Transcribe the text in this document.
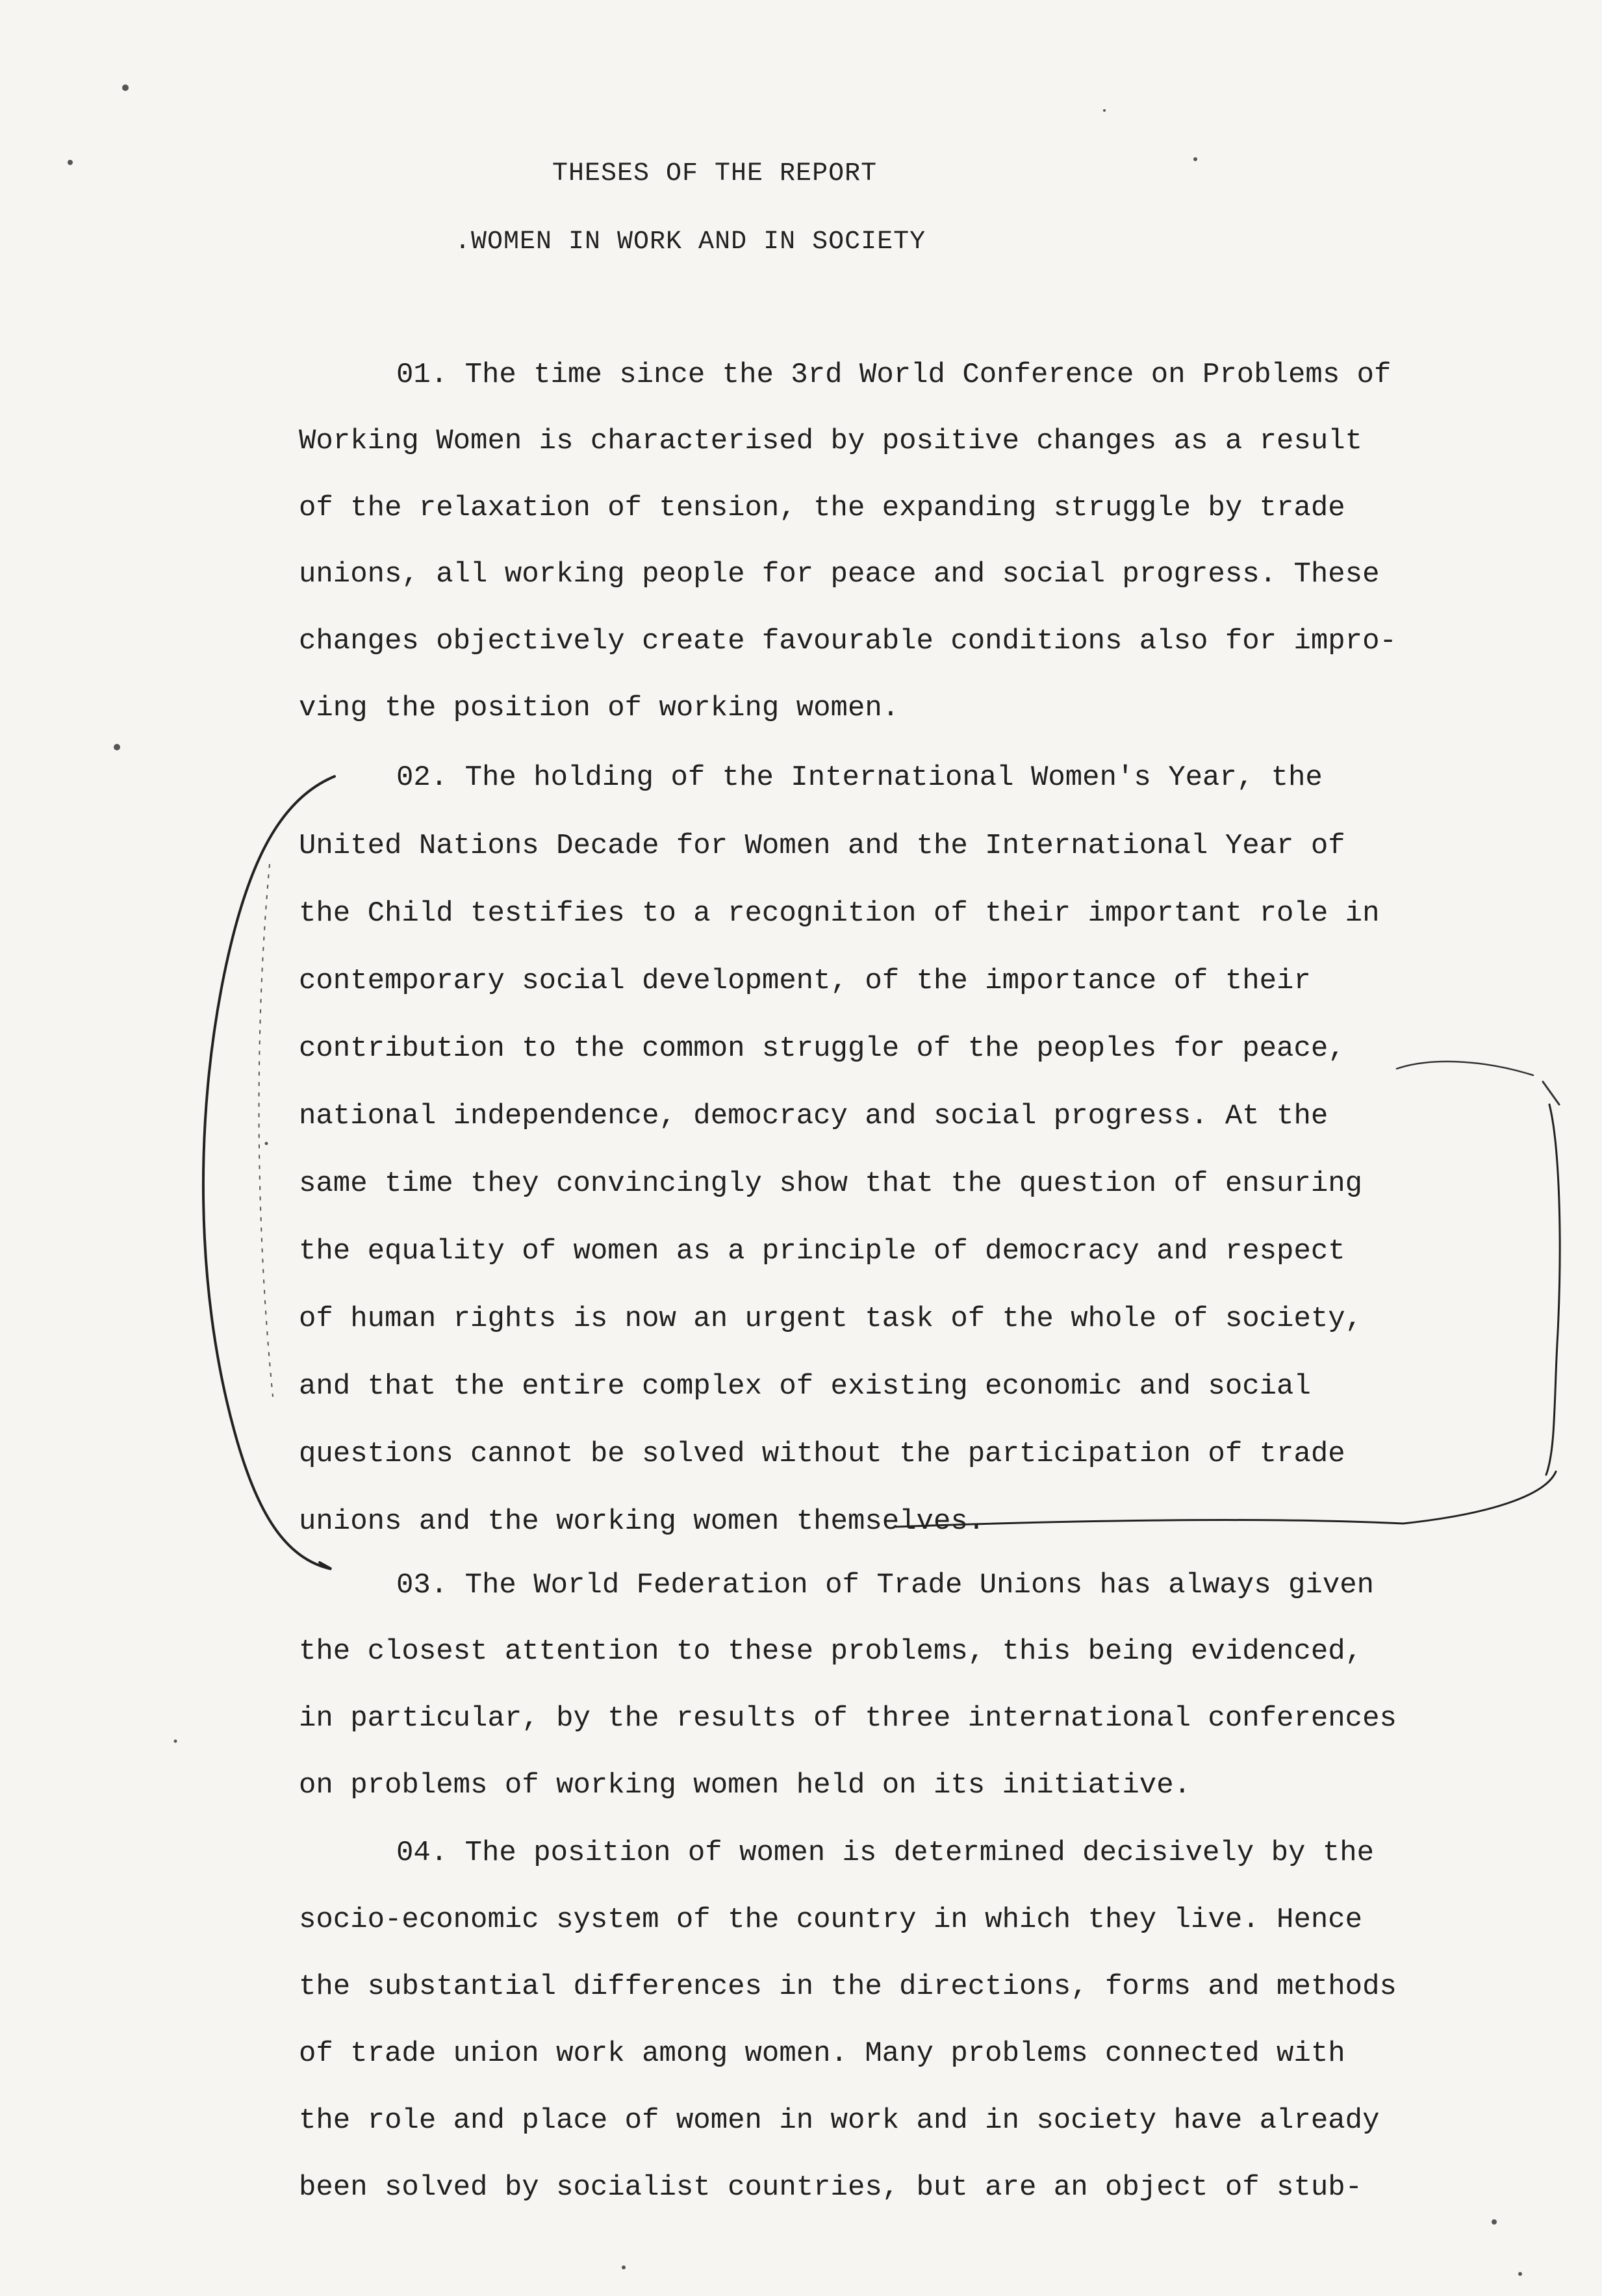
THESES OF THE REPORT
.WOMEN IN WORK AND IN SOCIETY
01. The time since the 3rd World Conference on Problems of
Working Women is characterised by positive changes as a result
of the relaxation of tension, the expanding struggle by trade
unions, all working people for peace and social progress. These
changes objectively create favourable conditions also for impro-
ving the position of working women.
02. The holding of the International Women's Year, the
United Nations Decade for Women and the International Year of
the Child testifies to a recognition of their important role in
contemporary social development, of the importance of their
contribution to the common struggle of the peoples for peace,
national independence, democracy and social progress. At the
same time they convincingly show that the question of ensuring
the equality of women as a principle of democracy and respect
of human rights is now an urgent task of the whole of society,
and that the entire complex of existing economic and social
questions cannot be solved without the participation of trade
unions and the working women themselves.
03. The World Federation of Trade Unions has always given
the closest attention to these problems, this being evidenced,
in particular, by the results of three international conferences
on problems of working women held on its initiative.
04. The position of women is determined decisively by the
socio-economic system of the country in which they live. Hence
the substantial differences in the directions, forms and methods
of trade union work among women. Many problems connected with
the role and place of women in work and in society have already
been solved by socialist countries, but are an object of stub-
